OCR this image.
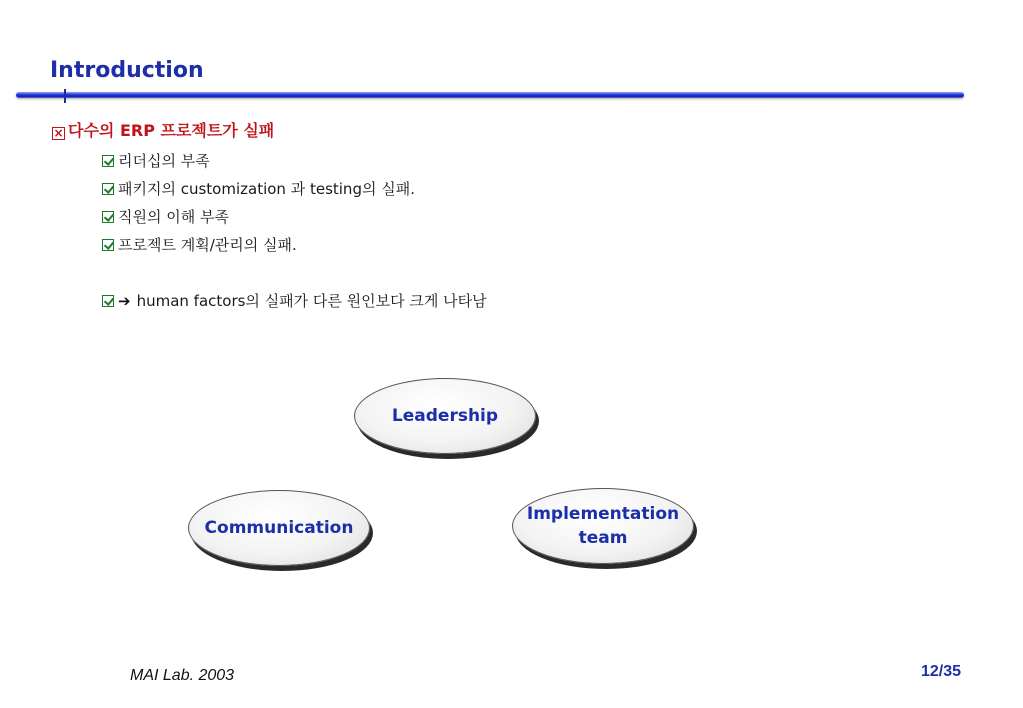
Introduction
× 다수의 ERP 프로젝트가 실패
리더십의 부족
패키지의 customization 과 testing의 실패.
직원의 이해 부족
프로젝트 계획/관리의 실패.
➔ human factors의 실패가 다른 원인보다 크게 나타남
Leadership
Communication
Implementation
team
MAI Lab. 2003	12/35
